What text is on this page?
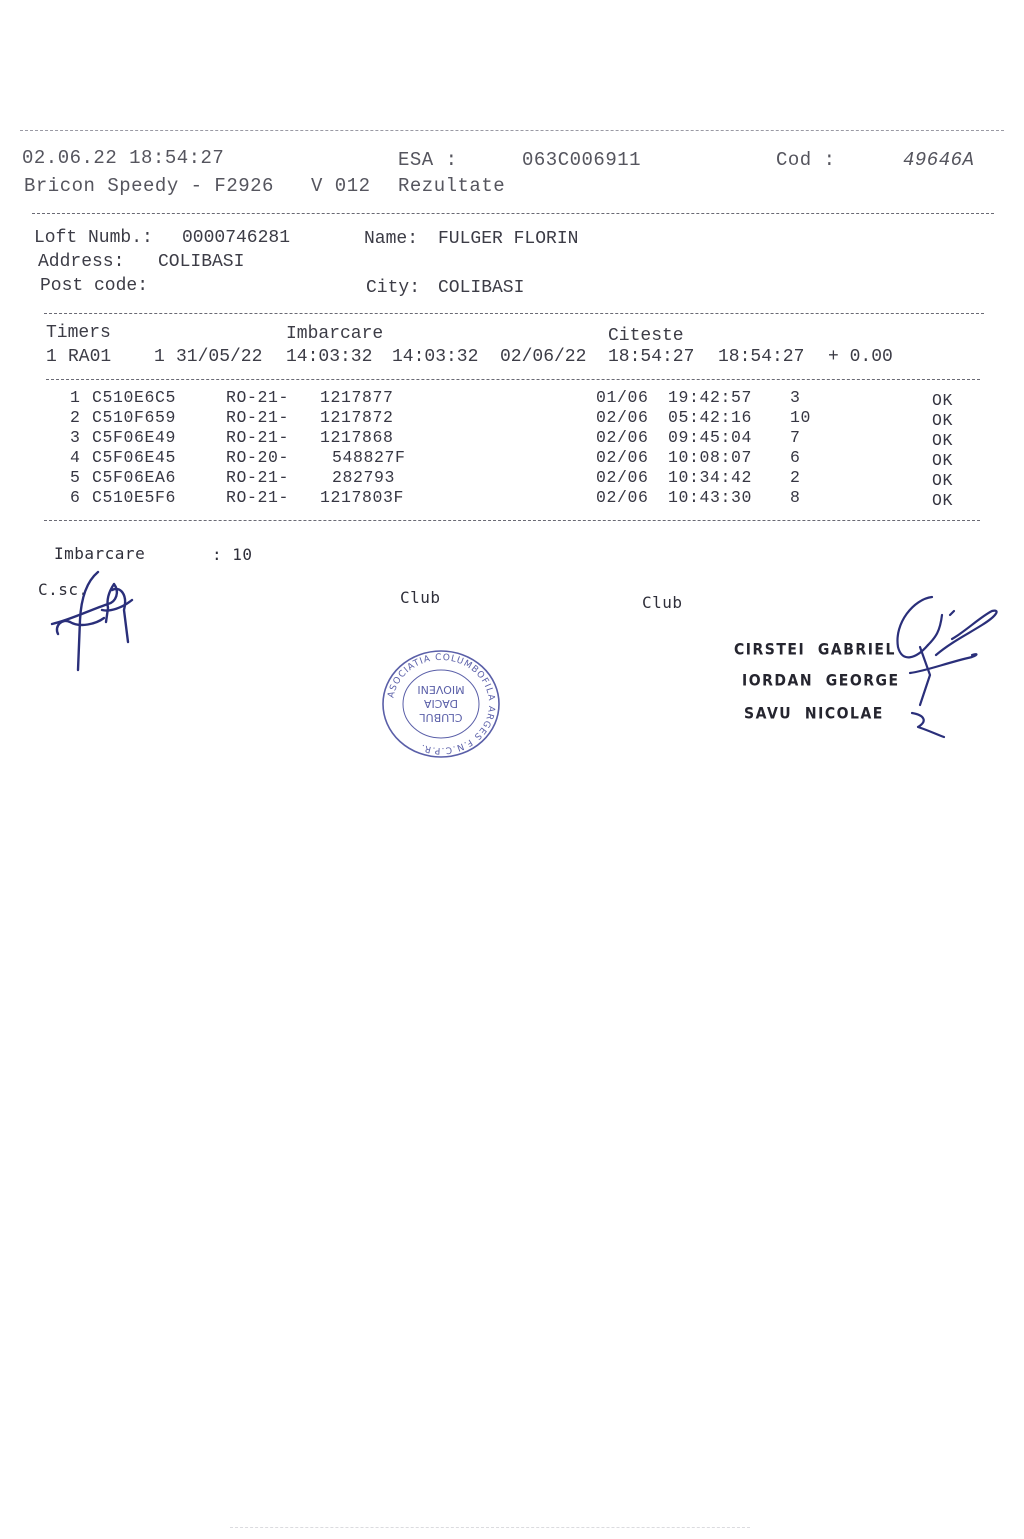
02.06.22 18:54:27	ESA :	063C006911	Cod :	49646A
Bricon Speedy - F2926 V 012 Rezultate
Loft Numb.: 0000746281	Name: FULGER FLORIN
Address: COLIBASI
Post code:	City: COLIBASI
Timers	Imbarcare	Citeste
1 RA01 1 31/05/22 14:03:32 14:03:32 02/06/22 18:54:27 18:54:27 + 0.00
1 C510E6C5	RO-21- 1217877	01/06 19:42:57 3	OK
2 C510F659	RO-21- 1217872	02/06 05:42:16 10	OK
3 C5F06E49	RO-21- 1217868	02/06 09:45:04 7	OK
4 C5F06E45	RO-20-	548827F	02/06 10:08:07 6	OK
5 C5F06EA6	RO-21-	282793	02/06 10:34:42 2	OK
6 C510E5F6	RO-21- 1217803F	02/06 10:43:30 8	OK
Imbarcare	: 10
C.sc.	Club	Club
ASOCIATIA COLUMBOFILA ARGES F.N.C.P.R.
CLUBUL
DACIA
MIOVENI
CIRSTEI  GABRIEL
IORDAN  GEORGE
SAVU  NICOLAE
